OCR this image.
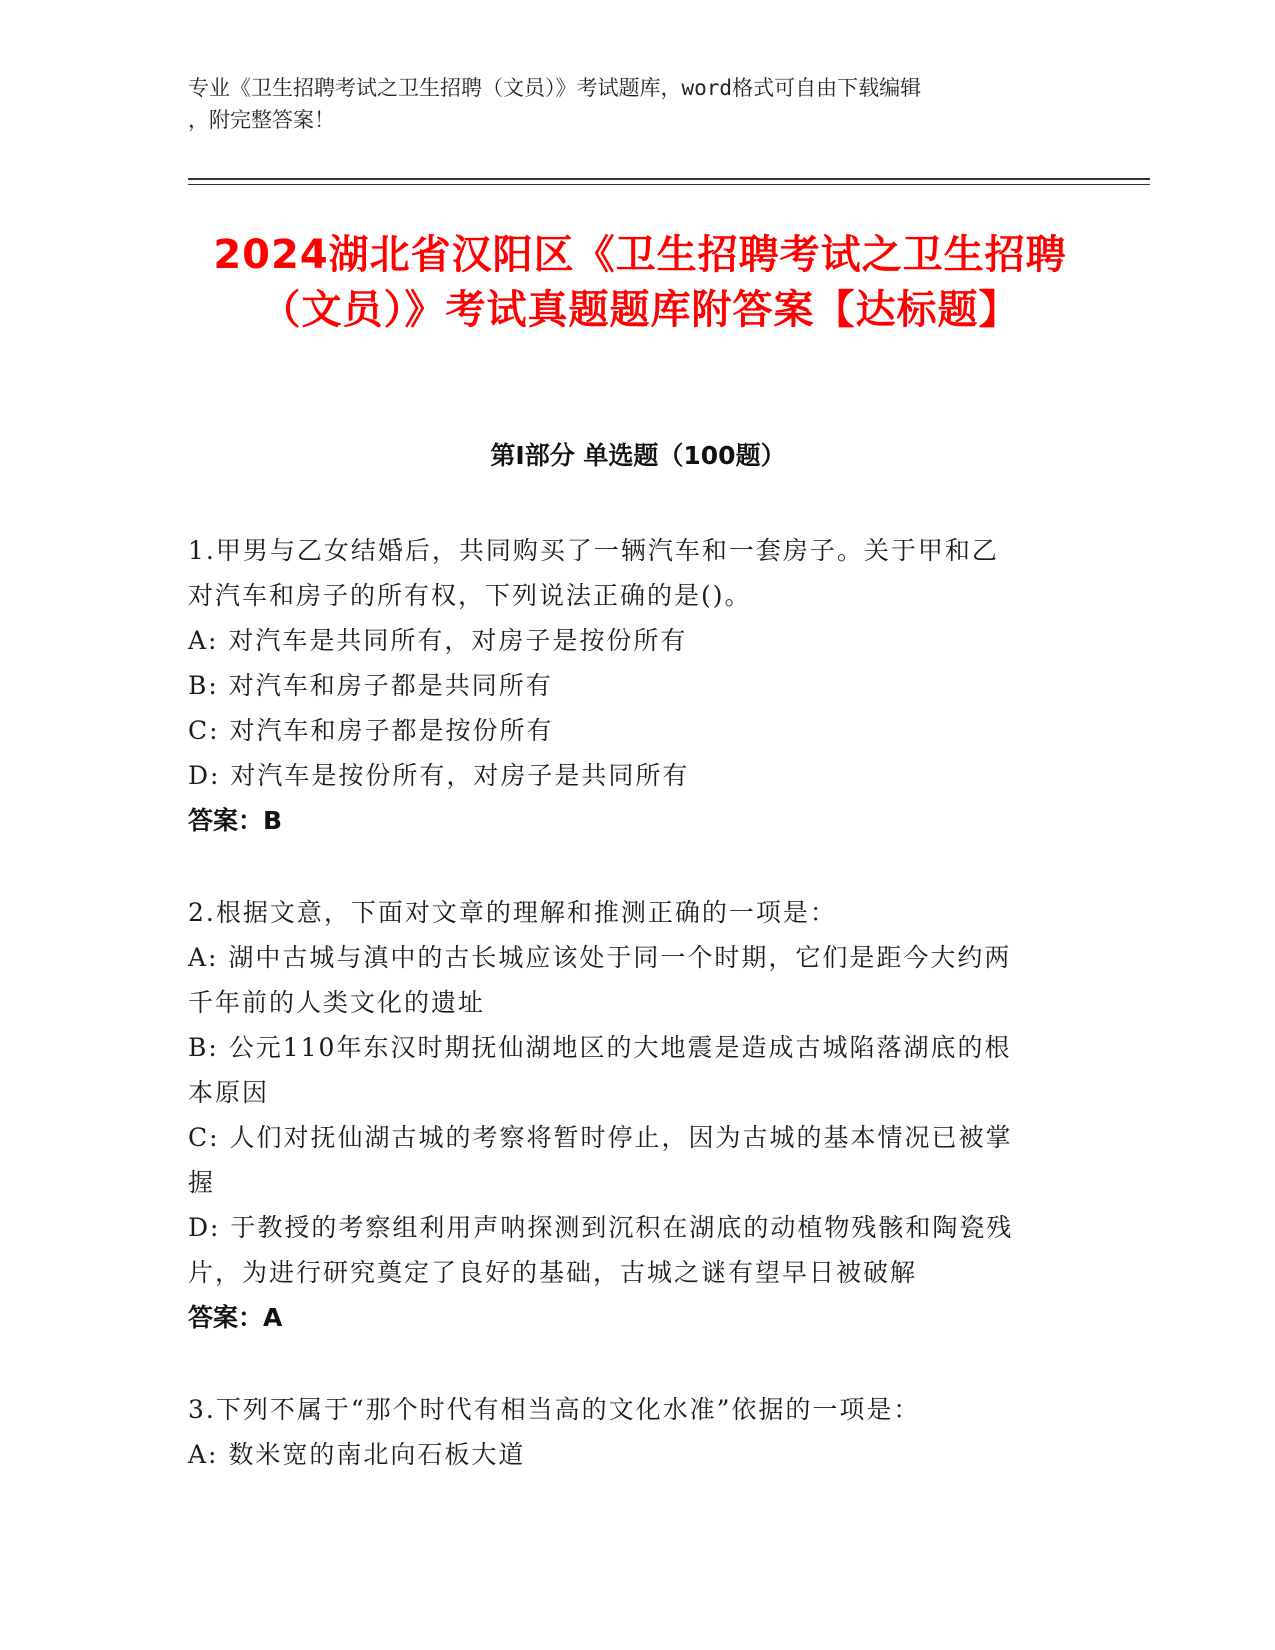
专业《卫生招聘考试之卫生招聘（文员）》考试题库，word格式可自由下载编辑
，附完整答案！
2024湖北省汉阳区《卫生招聘考试之卫生招聘（文员）》考试真题题库附答案【达标题】
第Ⅰ部分 单选题（100题）
1.甲男与乙女结婚后，共同购买了一辆汽车和一套房子。关于甲和乙
对汽车和房子的所有权，下列说法正确的是()。
A: 对汽车是共同所有，对房子是按份所有
B: 对汽车和房子都是共同所有
C: 对汽车和房子都是按份所有
D: 对汽车是按份所有，对房子是共同所有
答案：B
2.根据文意，下面对文章的理解和推测正确的一项是：
A: 湖中古城与滇中的古长城应该处于同一个时期，它们是距今大约两
千年前的人类文化的遗址
B: 公元110年东汉时期抚仙湖地区的大地震是造成古城陷落湖底的根
本原因
C: 人们对抚仙湖古城的考察将暂时停止，因为古城的基本情况已被掌
握
D: 于教授的考察组利用声呐探测到沉积在湖底的动植物残骸和陶瓷残
片，为进行研究奠定了良好的基础，古城之谜有望早日被破解
答案：A
3.下列不属于“那个时代有相当高的文化水准”依据的一项是：
A: 数米宽的南北向石板大道
